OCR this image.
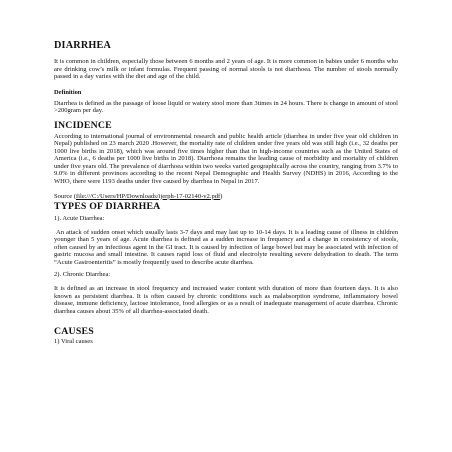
DIARRHEA

It is common in children, especially those between 6 months and 2 years of age. It is more common in babies under 6 months who are drinking cow’s milk or infant formulas. Frequent passing of normal stools is not diarrhoea. The number of stools normally passed in a day varies with the diet and age of the child.

Definition

Diarrhea is defined as the passage of loose liquid or watery stool more than 3times in 24 hours. There is change in amount of stool >200gram per day.

INCIDENCE

According to international journal of environmental research and public health article (diarrhea in under five year old children in Nepal) published on 23 march 2020 .However, the mortality rate of children under five years old was still high (i.e., 32 deaths per 1000 live births in 2018), which was around five times higher than that in high-income countries such as the United States of America (i.e., 6 deaths per 1000 live births in 2018). Diarrhoea remains the leading cause of morbidity and mortality of children under five years old. The prevalence of diarrhoea within two weeks varied geographically across the country, ranging from 3.7% to 9.0% in different provinces according to the recent Nepal Demographic and Health Survey (NDHS) in 2016, According to the WHO, there were 1193 deaths under five caused by diarrhea in Nepal in 2017.

Source (file:///C:/Users/HP/Downloads/ijerph-17-02140-v2.pdf)
TYPES OF DIARRHEA
1). Acute Diarrhea:

An attack of sudden onset which usually lasts 3-7 days and may last up to 10-14 days. It is a leading cause of illness in children younger than 5 years of age. Acute diarrhea is defined as a sudden increase in frequency and a change in consistency of stools, often caused by an infectious agent in the GI tract. It is caused by infection of large bowel but may be associated with infection of gastric mucosa and small intestine. It causes rapid loss of fluid and electrolyte resulting severe dehydration to death. The term “Acute Gastroenteritis” is mostly frequently used to describe acute diarrhea.

2). Chronic Diarrhea:

It is defined as an increase in stool frequency and increased water content with duration of more than fourteen days. It is also known as persistent diarrhea. It is often caused by chronic conditions such as malabsorption syndrome, inflammatory bowel disease, immune deficiency, lactose intolerance, food allergies or as a result of inadequate management of acute diarrhea. Chronic diarrhea causes about 35% of all diarrhea-associated death.

CAUSES
1) Viral causes
